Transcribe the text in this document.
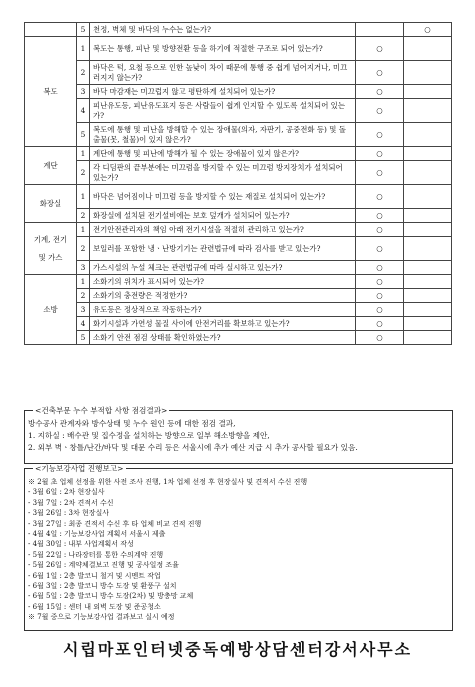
	5	천정, 벽체 및 바닥의 누수는 없는가?		○
복도	1	복도는 통행, 피난 및 방향전환 등을 하기에 적절한 구조로 되어 있는가?	○	
	2	바닥은 턱, 요철 등으로 인한 높낮이 차이 때문에 통행 중 쉽게 넘어지거나, 미끄러지지 않는가?	○	
	3	바닥 마감재는 미끄럽지 않고 평탄하게 설치되어 있는가?	○	
	4	피난유도등, 피난유도표지 등은 사람들이 쉽게 인지할 수 있도록 설치되어 있는가?	○	
	5	복도에 통행 및 피난을 방해할 수 있는 장애물(의자, 자판기, 공중전화 등) 및 돌출물(못, 철물)이 있지 않은가?	○	
계단	1	계단에 통행 및 피난에 방해가 될 수 있는 장애물이 있지 않은가?	○	
	2	각 디딤판의 끝부분에는 미끄럼을 방지할 수 있는 미끄럼 방지장치가 설치되어 있는가?	○	
화장실	1	바닥은 넘어짐이나 미끄럼 등을 방지할 수 있는 재질로 설치되어 있는가?	○	
	2	화장실에 설치된 전기설비에는 보호 덮개가 설치되어 있는가?	○	

기계, 전기
및 가스	1	전기안전관리자의 책임 아래 전기시설을 적절히 관리하고 있는가?	○	
	2	보일러를 포함한 냉ㆍ난방기기는 관련법규에 따라 검사를 받고 있는가?	○	
	3	가스시설의 누설 체크는 관련법규에 따라 실시하고 있는가?	○	
소방	1	소화기의 위치가 표시되어 있는가?	○	
	2	소화기의 충전량은 적정한가?	○	
	3	유도등은 정상적으로 작동하는가?	○	
	4	화기시설과 가연성 물질 사이에 안전거리를 확보하고 있는가?	○	
	5	소화기 안전 점검 상태를 확인하였는가?	○	
<건축부문 누수 부적합 사항 점검결과>
방수공사 관계자와 방수상태 및 누수 원인 등에 대한 점검 결과,
1. 지하실 : 배수관 및 집수정을 설치하는 방향으로 일부 해소방향을 제안,
2. 외부 벽ㆍ창틀/난간/바닥 및 대문 수리 등은 서울시에 추가 예산 지급 시 추가 공사할 필요가 있음.
<기능보강사업 진행보고>
※ 2월 초 업체 선정을 위한 사전 조사 진행, 1차 업체 선정 후 현장실사 및 견적서 수신 진행
- 3월 6일 : 2차 현장실사
- 3월 7일 : 2차 견적서 수신
- 3월 26일 : 3차 현장실사
- 3월 27일 : 최종 견적서 수신 후 타 업체 비교 견적 진행
- 4월 4일 : 기능보강사업 계획서 서울시 제출
- 4월 30일 : 내부 사업계획서 작성
- 5월 22일 : 나라장터를 통한 수의계약 진행
- 5월 26일 : 계약체결보고 진행 및 공사일정 조율
- 6월 1일 : 2층 발코니 철거 및 시멘트 작업
- 6월 3일 : 2층 발코니 방수 도장 및 환풍구 설치
- 6월 5일 : 2층 발코니 방수 도장(2차) 및 방충망 교체
- 6월 15일 : 센터 내 외벽 도장 및 준공청소
※ 7월 중으로 기능보강사업 결과보고 실시 예정
시립마포인터넷중독예방상담센터강서사무소
